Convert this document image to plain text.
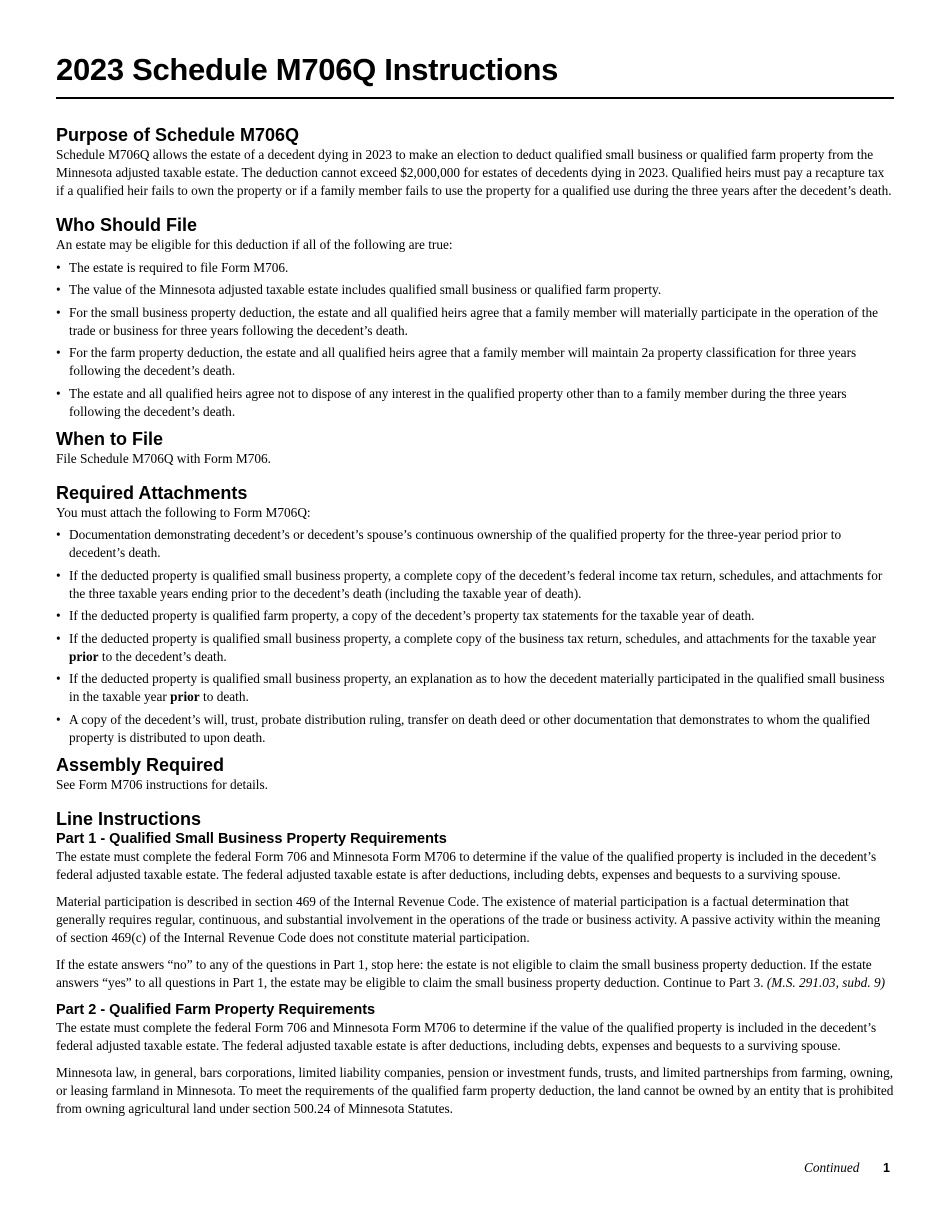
2023 Schedule M706Q Instructions
Purpose of Schedule M706Q

Schedule M706Q allows the estate of a decedent dying in 2023 to make an election to deduct qualified small business or qualified farm property from the Minnesota adjusted taxable estate. The deduction cannot exceed $2,000,000 for estates of decedents dying in 2023. Qualified heirs must pay a recapture tax if a qualified heir fails to own the property or if a family member fails to use the property for a qualified use during the three years after the decedent’s death.

Who Should File

An estate may be eligible for this deduction if all of the following are true:

• The estate is required to file Form M706.
• The value of the Minnesota adjusted taxable estate includes qualified small business or qualified farm property.
• For the small business property deduction, the estate and all qualified heirs agree that a family member will materially participate in the operation of the trade or business for three years following the decedent’s death.
• For the farm property deduction, the estate and all qualified heirs agree that a family member will maintain 2a property classification for three years following the decedent’s death.
• The estate and all qualified heirs agree not to dispose of any interest in the qualified property other than to a family member during the three years following the decedent’s death.
When to File

File Schedule M706Q with Form M706.

Required Attachments

You must attach the following to Form M706Q:

• Documentation demonstrating decedent’s or decedent’s spouse’s continuous ownership of the qualified property for the three-year period prior to decedent’s death.
• If the deducted property is qualified small business property, a complete copy of the decedent’s federal income tax return, schedules, and attachments for the three taxable years ending prior to the decedent’s death (including the taxable year of death).
• If the deducted property is qualified farm property, a copy of the decedent’s property tax statements for the taxable year of death.
• If the deducted property is qualified small business property, a complete copy of the business tax return, schedules, and attachments for the taxable year prior to the decedent’s death.
• If the deducted property is qualified small business property, an explanation as to how the decedent materially participated in the qualified small business in the taxable year prior to death.
• A copy of the decedent’s will, trust, probate distribution ruling, transfer on death deed or other documentation that demonstrates to whom the qualified property is distributed to upon death.
Assembly Required

See Form M706 instructions for details.

Line Instructions
Part 1 - Qualified Small Business Property Requirements

The estate must complete the federal Form 706 and Minnesota Form M706 to determine if the value of the qualified property is included in the decedent’s federal adjusted taxable estate. The federal adjusted taxable estate is after deductions, including debts, expenses and bequests to a surviving spouse.

Material participation is described in section 469 of the Internal Revenue Code. The existence of material participation is a factual determination that generally requires regular, continuous, and substantial involvement in the operations of the trade or business activity. A passive activity within the meaning of section 469(c) of the Internal Revenue Code does not constitute material participation.

If the estate answers “no” to any of the questions in Part 1, stop here: the estate is not eligible to claim the small business property deduction. If the estate answers “yes” to all questions in Part 1, the estate may be eligible to claim the small business property deduction. Continue to Part 3. (M.S. 291.03, subd. 9)

Part 2 - Qualified Farm Property Requirements

The estate must complete the federal Form 706 and Minnesota Form M706 to determine if the value of the qualified property is included in the decedent’s federal adjusted taxable estate. The federal adjusted taxable estate is after deductions, including debts, expenses and bequests to a surviving spouse.

Minnesota law, in general, bars corporations, limited liability companies, pension or investment funds, trusts, and limited partnerships from farming, owning, or leasing farmland in Minnesota. To meet the requirements of the qualified farm property deduction, the land cannot be owned by an entity that is prohibited from owning agricultural land under section 500.24 of Minnesota Statutes.

Continued 1
